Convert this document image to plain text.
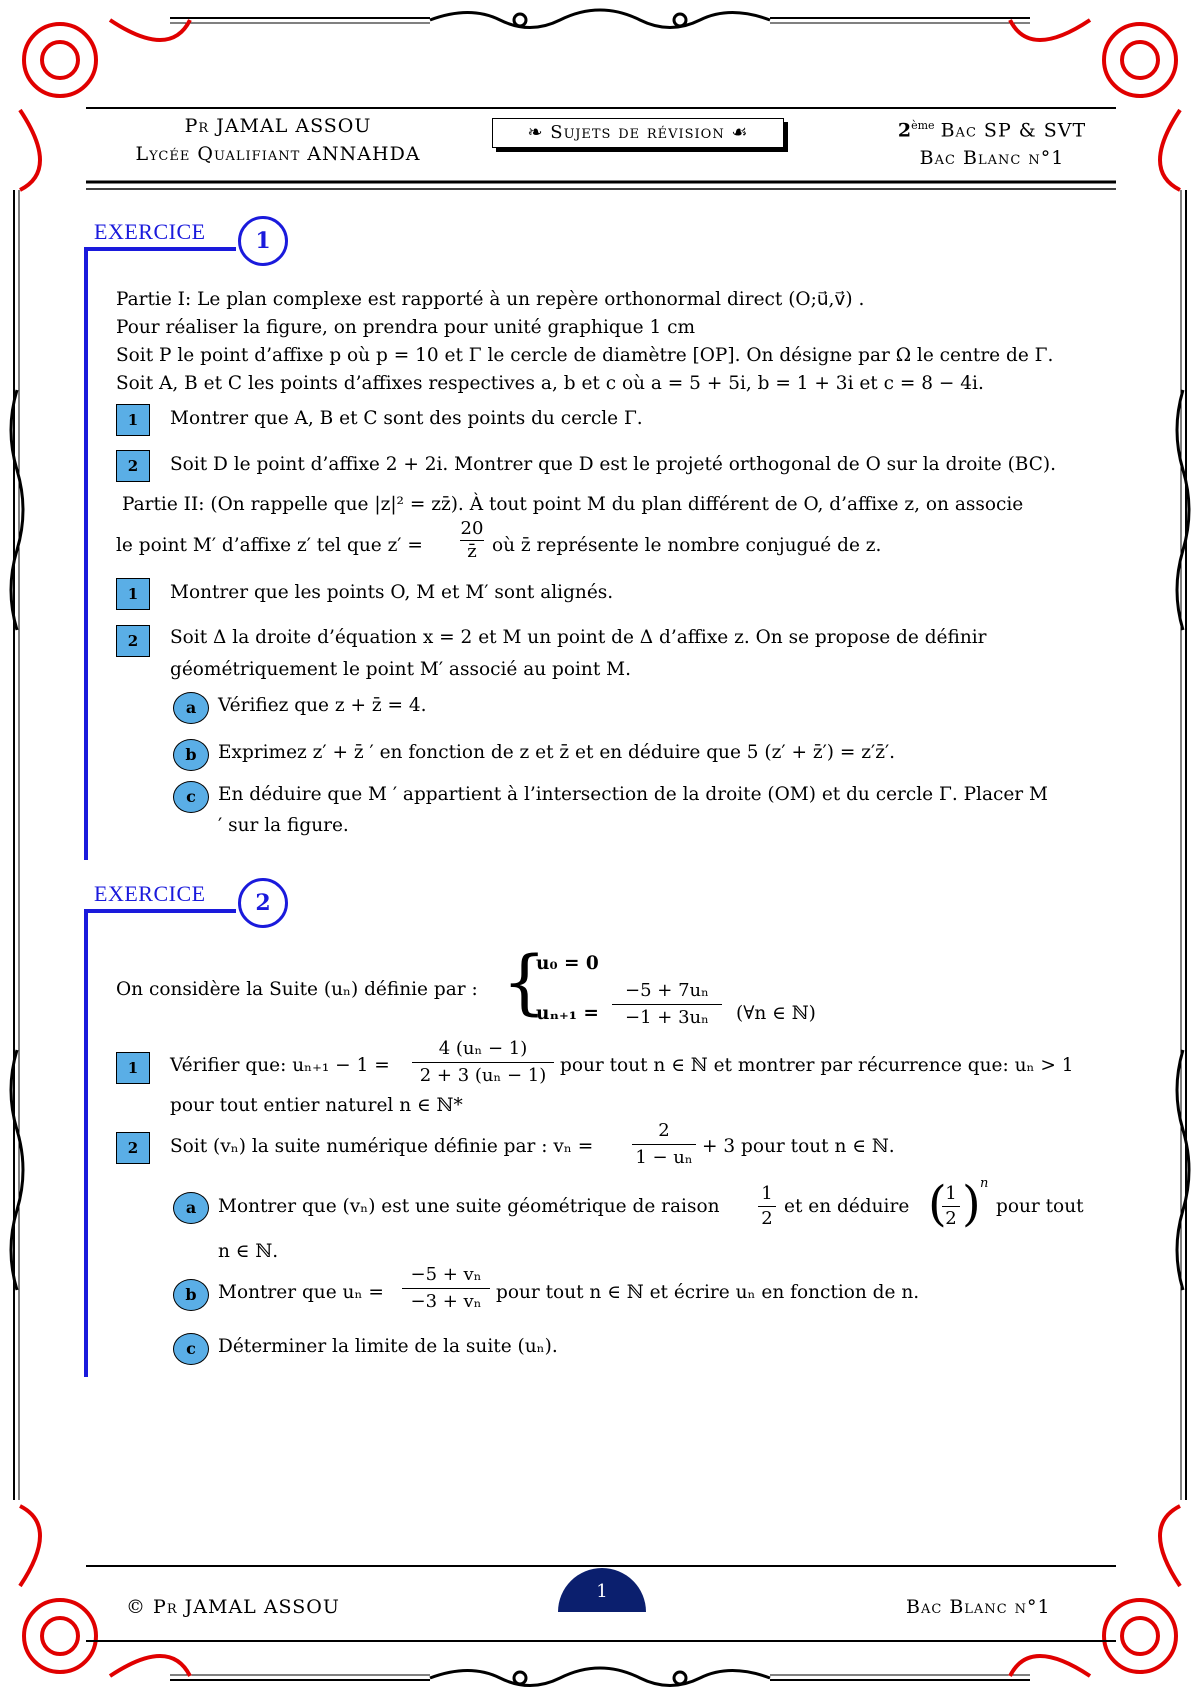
Pr JAMAL ASSOU
Lycée Qualifiant ANNAHDA
❧ Sujets de révision ☙	2ème Bac SP & SVT
Bac Blanc n°1
EXERCICE	1
Partie I: Le plan complexe est rapporté à un repère orthonormal direct (O;u⃗,v⃗) .
Pour réaliser la figure, on prendra pour unité graphique 1 cm
Soit P le point d’affixe p où p = 10 et Γ le cercle de diamètre [OP]. On désigne par Ω le centre de Γ.
Soit A, B et C les points d’affixes respectives a, b et c où a = 5 + 5i, b = 1 + 3i et c = 8 − 4i.
1	Montrer que A, B et C sont des points du cercle Γ.
2	Soit D le point d’affixe 2 + 2i. Montrer que D est le projeté orthogonal de O sur la droite (BC).
Partie II: (On rappelle que |z|² = zz̄). À tout point M du plan différent de O, d’affixe z, on associe
le point M′ d’affixe z′ tel que $z' = \frac{20}{z̄}$ où z̄ représente le nombre conjugué de z.
1	Montrer que les points O, M et M′ sont alignés.
2	Soit Δ la droite d’équation x = 2 et M un point de Δ d’affixe z. On se propose de définir
géométriquement le point M′ associé au point M.
a	Vérifiez que z + z̄ = 4.
b	Exprimez z′ + z̄ ′ en fonction de z et z̄ et en déduire que 5 (z′ + z̄′) = z′z̄′.
c	En déduire que M ′ appartient à l’intersection de la droite (OM) et du cercle Γ. Placer M
′ sur la figure.
EXERCICE	2
On considère la Suite (uₙ) définie par : {
u₀ = 0
$u_{n+1} = \frac{\text{−5 + 7uₙ}}{\text{−1 + 3uₙ}}$ (∀n ∈ ℕ)
1	Vérifier que: $u_{n+1} - 1 = \frac{\text{4 (uₙ − 1)}}{\text{2 + 3 (uₙ − 1)}}$ pour tout n ∈ ℕ et montrer par récurrence que: uₙ > 1
pour tout entier naturel n ∈ ℕ*
2	Soit (vₙ) la suite numérique définie par : $v_n = \frac{2}{\text{1 − uₙ}} + 3$ pour tout n ∈ ℕ.
a	Montrer que (vₙ) est une suite géométrique de raison $\frac{1}{2}$ et en déduire (
$\frac{1}{2}$ ) n
pour tout
n ∈ ℕ.
b	Montrer que $u_n = \frac{\text{−5 + vₙ}}{\text{−3 + vₙ}}$ pour tout n ∈ ℕ et écrire uₙ en fonction de n.
c	Déterminer la limite de la suite (uₙ).
© Pr JAMAL ASSOU
1
Bac Blanc n°1
